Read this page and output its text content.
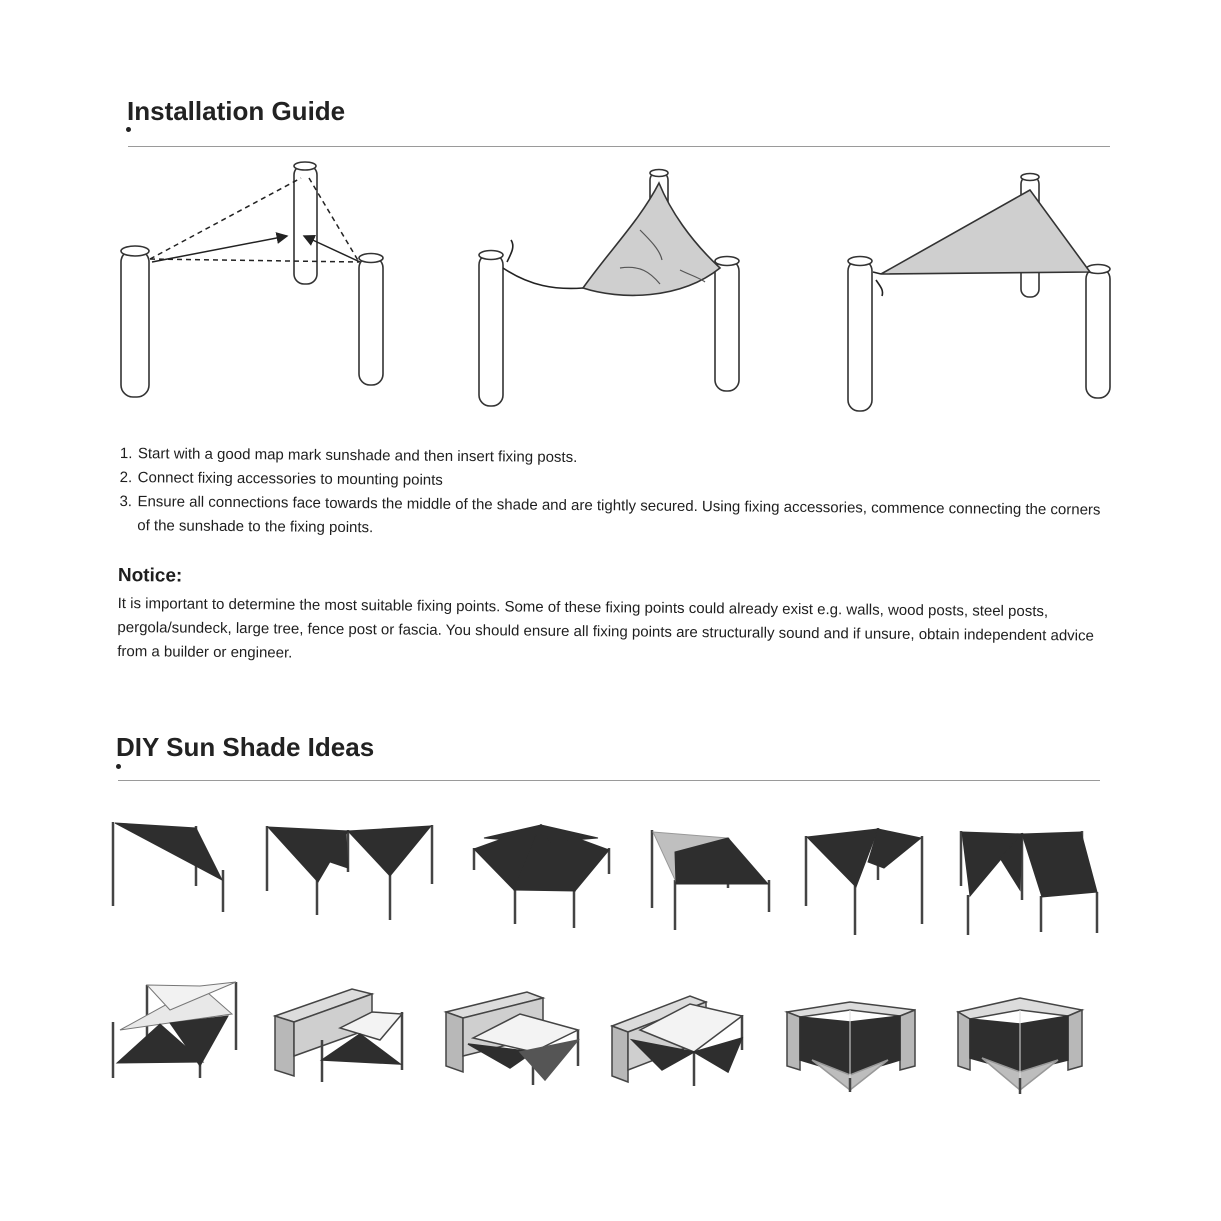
Installation Guide
1. Start with a good map mark sunshade and then insert fixing posts.
2. Connect fixing accessories to mounting points
3. Ensure all connections face towards the middle of the shade and are tightly secured. Using fixing accessories, commence connecting the corners of the sunshade to the fixing points.

Notice:

It is important to determine the most suitable fixing points. Some of these fixing points could already exist e.g. walls, wood posts, steel posts, pergola/sundeck, large tree, fence post or fascia. You should ensure all fixing points are structurally sound and if unsure, obtain independent advice from a builder or engineer.

DIY Sun Shade Ideas
